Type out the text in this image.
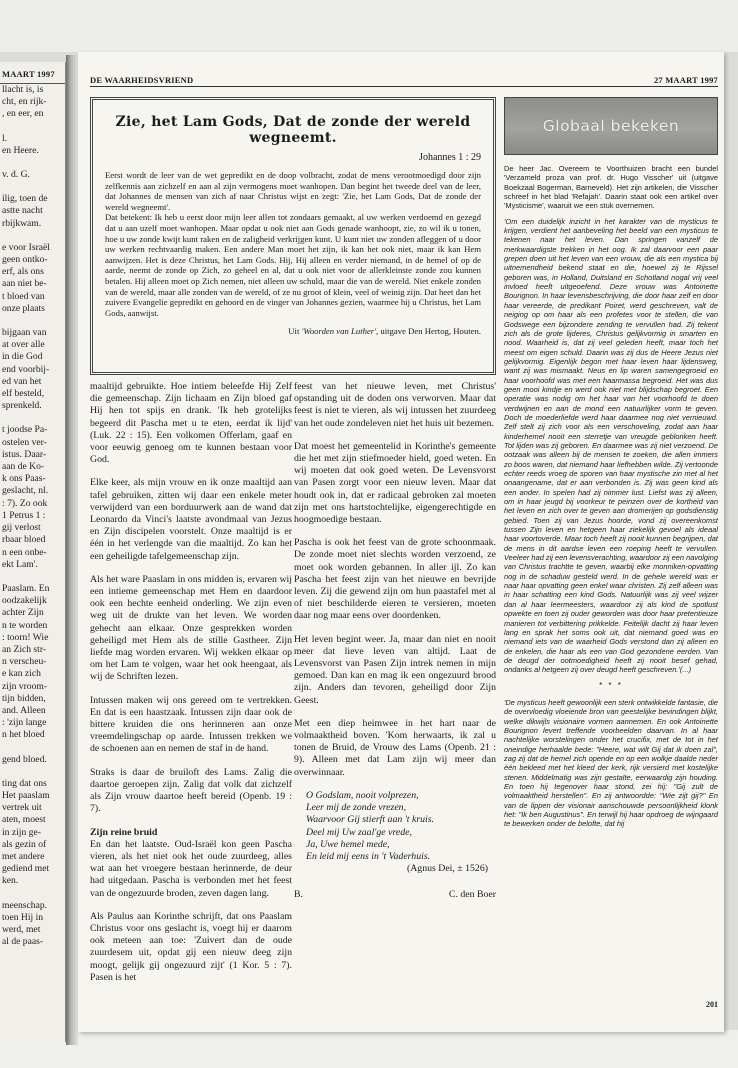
MAART 1997
llacht is, is
cht, en rijk-
, en eer, en
l.
en Heere.
v. d. G.
ilig, toen de
astte nacht
rbijkwam.
e voor Israël
geen ontko-
erf, als ons
aan niet be-
t bloed van
onze plaats
bijgaan van
at over alle
in die God
end voorbij-
ed van het
elf besteld,
sprenkeld.
t joodse Pa-
ostelen ver-
istus. Daar-
aan de Ko-
k ons Paas-
geslacht, nl.
: 7). Zo ook
1 Petrus 1 :
gij verlost
rbaar bloed
n een onbe-
ekt Lam'.
Paaslam. En
oodzakelijk
achter Zijn
n te worden
: toorn! Wie
an Zich str-
n verscheu-
e kan zich
zijn vroom-
tijn bidden,
and. Alleen
: 'zijn lange
n het bloed
gend bloed.
ting dat ons
Het paaslam
vertrek uit
aten, moest
in zijn ge-
als gezin of
met andere
gediend met
ken.
meenschap.
toen Hij in
werd, met
al de paas-
DE WAARHEIDSVRIEND	27 MAART 1997
Zie, het Lam Gods, Dat de zonde der wereld wegneemt.
Johannes 1 : 29

Eerst wordt de leer van de wet gepredikt en de doop volbracht, zodat de mens verootmoedigd door zijn zelfkennis aan zichzelf en aan al zijn vermogens moet wanhopen. Dan begint het tweede deel van de leer, dat Johannes de mensen van zich af naar Christus wijst en zegt: 'Zie, het Lam Gods, Dat de zonde der wereld wegneemt'.

Dat betekent: Ik heb u eerst door mijn leer allen tot zondaars gemaakt, al uw werken verdoemd en gezegd dat u aan uzelf moet wanhopen. Maar opdat u ook niet aan Gods genade wanhoopt, zie, zo wil ik u tonen, hoe u uw zonde kwijt kunt raken en de zaligheid verkrijgen kunt. U kunt niet uw zonden afleggen of u door uw werken rechtvaardig maken. Een andere Man moet het zijn, ik kan het ook niet, maar ik kan Hem aanwijzen. Het is deze Christus, het Lam Gods. Hij, Hij alleen en verder niemand, in de hemel of op de aarde, neemt de zonde op Zich, zo geheel en al, dat u ook niet voor de allerkleinste zonde zou kunnen betalen. Hij alleen moet op Zich nemen, niet alleen uw schuld, maar die van de wereld. Niet enkele zonden van de wereld, maar alle zonden van de wereld, of ze nu groot of klein, veel of weinig zijn. Dat heet dan het zuivere Evangelie gepredikt en gehoord en de vinger van Johannes gezien, waarmee hij u Christus, het Lam Gods, aanwijst.

Uit 'Woorden van Luther', uitgave Den Hertog, Houten.

maaltijd gebruikte. Hoe intiem beleefde Hij Zelf die gemeenschap. Zijn lichaam en Zijn bloed gaf Hij hen tot spijs en drank. 'Ik heb grotelijks begeerd dit Pascha met u te eten, eerdat ik lijd' (Luk. 22 : 15). Een volkomen Offerlam, gaaf en voor eeuwig genoeg om te kunnen bestaan voor God.

Elke keer, als mijn vrouw en ik onze maaltijd aan tafel gebruiken, zitten wij daar een enkele meter verwijderd van een borduurwerk aan de wand dat Leonardo da Vinci's laatste avondmaal van Jezus en Zijn discipelen voorstelt. Onze maaltijd is er één in het verlengde van die maaltijd. Zo kan het een geheiligde tafelgemeenschap zijn.

Als het ware Paaslam in ons midden is, ervaren wij een intieme gemeenschap met Hem en daardoor ook een hechte eenheid onderling. We zijn even weg uit de drukte van het leven. We worden gehecht aan elkaar. Onze gesprekken worden geheiligd met Hem als de stille Gastheer. Zijn liefde mag worden ervaren. Wij wekken elkaar op om het Lam te volgen, waar het ook heengaat, als wij de Schriften lezen.

Intussen maken wij ons gereed om te vertrekken. En dat is een haastzaak. Intussen zijn daar ook de bittere kruiden die ons herinneren aan onze vreemdelingschap op aarde. Intussen trekken we de schoenen aan en nemen de staf in de hand.

Straks is daar de bruiloft des Lams. Zalig die daartoe geroepen zijn. Zalig dat volk dat zichzelf als Zijn vrouw daartoe heeft bereid (Openb. 19 : 7).

Zijn reine bruid

En dan het laatste. Oud-Israël kon geen Pascha vieren, als het niet ook het oude zuurdeeg, alles wat aan het vroegere bestaan herinnerde, de deur had uitgedaan. Pascha is verbonden met het feest van de ongezuurde broden, zeven dagen lang.

Als Paulus aan Korinthe schrijft, dat ons Paaslam Christus voor ons geslacht is, voegt hij er daarom ook meteen aan toe: 'Zuivert dan de oude zuurdesem uit, opdat gij een nieuw deeg zijn moogt, gelijk gij ongezuurd zijt' (1 Kor. 5 : 7). Pasen is het

feest van het nieuwe leven, met Christus' opstanding uit de doden ons verworven. Maar dat feest is niet te vieren, als wij intussen het zuurdeeg van het oude zondeleven niet het huis uit bezemen.

Dat moest het gemeentelid in Korinthe's gemeente die het met zijn stiefmoeder hield, goed weten. En wij moeten dat ook goed weten. De Levensvorst van Pasen zorgt voor een nieuw leven. Maar dat houdt ook in, dat er radicaal gebroken zal moeten zijn met ons hartstochtelijke, eigengerechtigde en hoogmoedige bestaan.

Pascha is ook het feest van de grote schoonmaak. De zonde moet niet slechts worden verzoend, ze moet ook worden gebannen. In aller ijl. Zo kan Pascha het feest zijn van het nieuwe en bevrijde leven. Zij die gewend zijn om hun paastafel met al of niet beschilderde eieren te versieren, moeten daar nog maar eens over doordenken.

Het leven begint weer. Ja, maar dan niet en nooit meer dat lieve leven van altijd. Laat de Levensvorst van Pasen Zijn intrek nemen in mijn gemoed. Dan kan en mag ik een ongezuurd brood zijn. Anders dan tevoren, geheiligd door Zijn Geest.

Met een diep heimwee in het hart naar de volmaaktheid boven. 'Kom herwaarts, ik zal u tonen de Bruid, de Vrouw des Lams (Openb. 21 : 9). Alleen met dat Lam zijn wij meer dan overwinnaar.

O Godslam, nooit volprezen,
Leer mij de zonde vrezen,
Waarvoor Gij stierft aan 't kruis.
Deel mij Uw zaal'ge vrede,
Ja, Uwe hemel mede,
En leid mij eens in 't Vaderhuis.
(Agnus Dei, ± 1526)
B.	C. den Boer
Globaal bekeken

De heer Jac. Overeem te Voorthuizen bracht een bundel 'Verzameld proza van prof. dr. Hugo Visscher' uit (uitgave Boekzaal Bogerman, Barneveld). Het zijn artikelen, die Visscher schreef in het blad 'Refajah'. Daarin staat ook een artikel over 'Mysticisme', waaruit we een stuk overnemen.

'Om een duidelijk inzicht in het karakter van de mysticus te krijgen, verdient het aanbeveling het beeld van een mysticus te tekenen naar het leven. Dan springen vanzelf de merkwaardigste trekken in het oog. Ik zal daarvoor een paar grepen doen uit het leven van een vrouw, die als een mystica bij uitnemendheid bekend staat en die, hoewel zij te Rijssel geboren was, in Holland, Duitsland en Schotland nogal vrij veel invloed heeft uitgeoefend. Deze vrouw was Antoinette Bourignon. In haar levensbeschrijving, die door haar zelf en door haar vereerde, de predikant Poiret, werd geschreven, valt de neiging op om haar als een profetes voor te stellen, die van Godswege een bijzondere zending te vervullen had. Zij tekent zich als de grote lijderes, Christus gelijkvormig in smarten en nood. Waarheid is, dat zij veel geleden heeft, maar toch het meest om eigen schuld. Daarin was zij dus de Heere Jezus niet gelijkvormig. Eigenlijk begon met haar leven haar lijdensweg, want zij was mismaakt. Neus en lip waren samengegroeid en haar voorhoofd was met een haarmassa begroeid. Het was dus geen mooi kindje en werd ook niet met blijdschap begroet. Een operatie was nodig om het haar van het voorhoofd te doen verdwijnen en aan de mond een natuurlijker vorm te geven. Doch de moederliefde werd haar daarmee nog niet vernieuwd. Zelf stelt zij zich voor als een verschoveling, zodat aan haar kinderhemel nooit een sterretje van vreugde geblonken heeft. Tot lijden was zij geboren. En daarmee was zij niet verzoend. De ootzaak was alleen bij de mensen te zoeken, die allen immers zo boos waren, dat niemand haar liefhebben wilde. Zij vertoonde echter reeds vroeg de sporen van haar mystische zin met al het onaangename, dat er aan verbonden is. Zij was geen kind als een ander. In spelen had zij nimmer lust. Liefst was zij alleen, om in haar jeugd bij voorkeur te peinzen over de kortheid van het leven en zich over te geven aan dromerijen op godsdienstig gebied. Toen zij van Jezus hoorde, vond zij overeenkomst tussen Zijn leven en hetgeen haar ziekelijk gevoel als ideaal haar voortoverde. Maar toch heeft zij nooit kunnen begrijpen, dat de mens in dit aardse leven een roeping heeft te vervullen. Veeleer had zij een levensverachting, waardoor zij een navolging van Christus trachtte te geven, waarbij elke monniken-opvatting nog in de schaduw gesteld werd. In de gehele wereld was er naar haar opvatting geen enkel waar christen. Zij zelf alleen was in haar schatting een kind Gods. Natuurlijk was zij veel wijzer dan al haar leermeesters, waardoor zij als kind de spotlust opwekte en toen zij ouder geworden was door haar pretentieuze manieren tot verbittering prikkelde. Feitelijk dacht zij haar leven lang en sprak het soms ook uit, dat niemand goed was en niemand iets van de waarheid Gods verstond dan zij alleen en de enkelen, die haar als een van God gezondene eerden. Van de deugd der ootmoedigheid heeft zij nooit besef gehad, ondanks al hetgeen zij over deugd heeft geschreven.'(...)

* * *

'De mysticus heeft gewoonlijk een sterk ontwikkelde fantasie, die de overvloedig vloeiende bron van geestelijke bevindingen blijkt, welke dikwijls visionaire vormen aannemen. En ook Antoinette Bourignon levert treffende voorbeelden daarvan. In al haar nachtelijke worstelingen onder het crucifix, met de tot in het oneindige herhaalde bede: "Heere, wat wilt Gij dat ik doen zal", zag zij dat de hemel zich opende en op een wolkje daalde neder één bekleed met het kleed der kerk, rijk versierd met kostelijke stenen. Middelmatig was zijn gestalte, eerwaardig zijn houding. En toen hij tegenover haar stond, zei hij: "Gij zult de volmaaktheid herstellen". En zij antwoordde: "Wie zijt gij?" En van de lippen der visionair aanschouwde persoonlijkheid klonk het: "Ik ben Augustinus". En terwijl hij haar opdroeg de wijngaard te bewerken onder de belofte, dat hij

201
